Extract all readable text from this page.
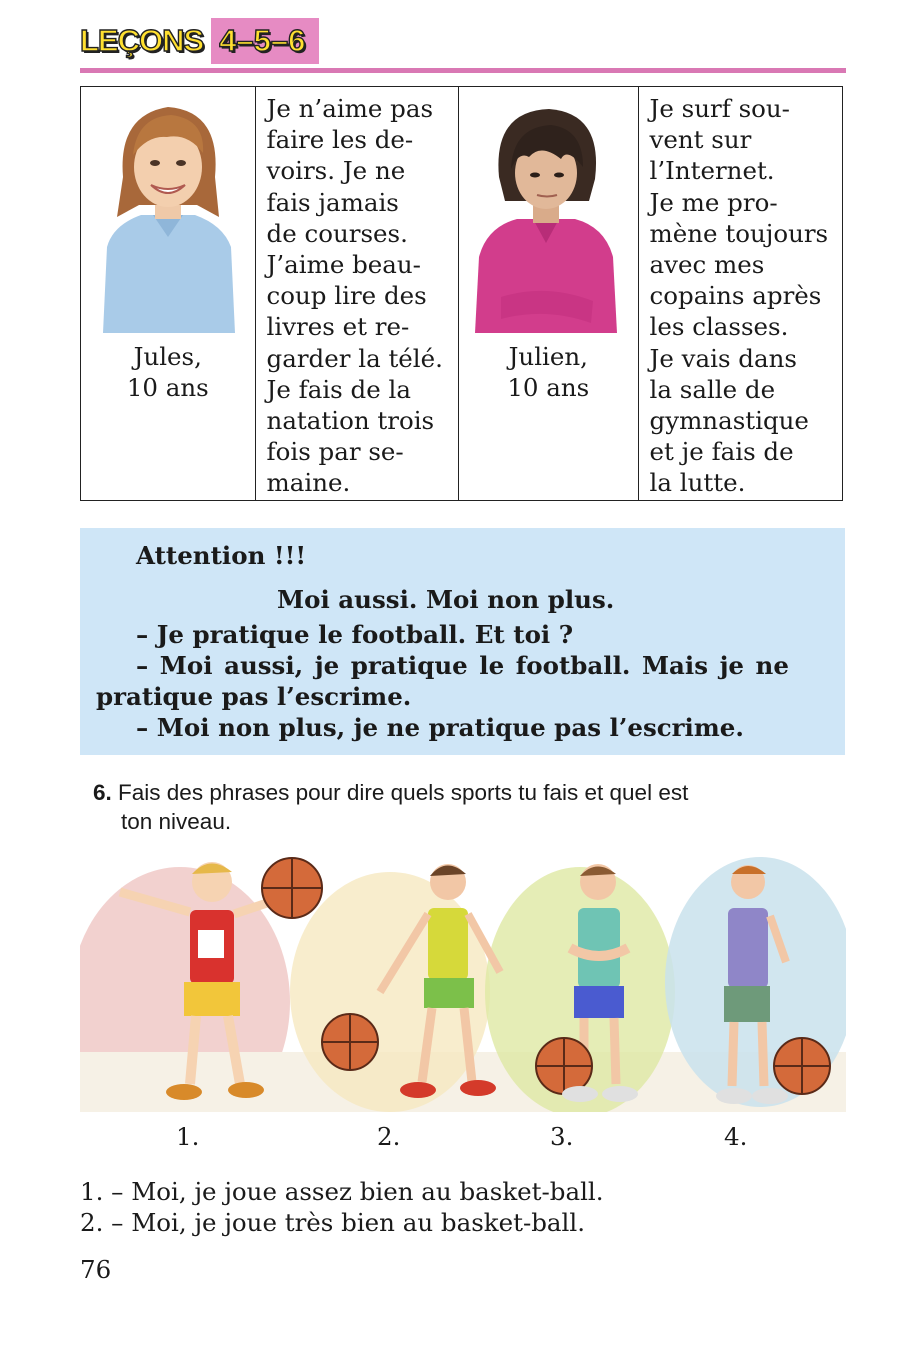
LEÇONS 4–5–6
Jules,
10 ans

Je n’aime pas
faire les de-
voirs. Je ne
fais jamais
de courses.
J’aime beau-
coup lire des
livres et re-
garder la télé.
Je fais de la
natation trois
fois par se-
maine.

Julien,
10 ans

Je surf sou-
vent sur
l’Internet.
Je me pro-
mène toujours
avec mes
copains après
les classes.
Je vais dans
la salle de
gymnastique
et je fais de
la lutte.

Attention !!!
Moi aussi. Moi non plus.
– Je pratique le football. Et toi ?
– Moi aussi, je pratique le football. Mais je ne
pratique pas l’escrime.
– Moi non plus, je ne pratique pas l’escrime.
6. Fais des phrases pour dire quels sports tu fais et quel est
ton niveau.
1.	2.	3.	4.
1. – Moi, je joue assez bien au basket-ball.
2. – Moi, je joue très bien au basket-ball.
76
